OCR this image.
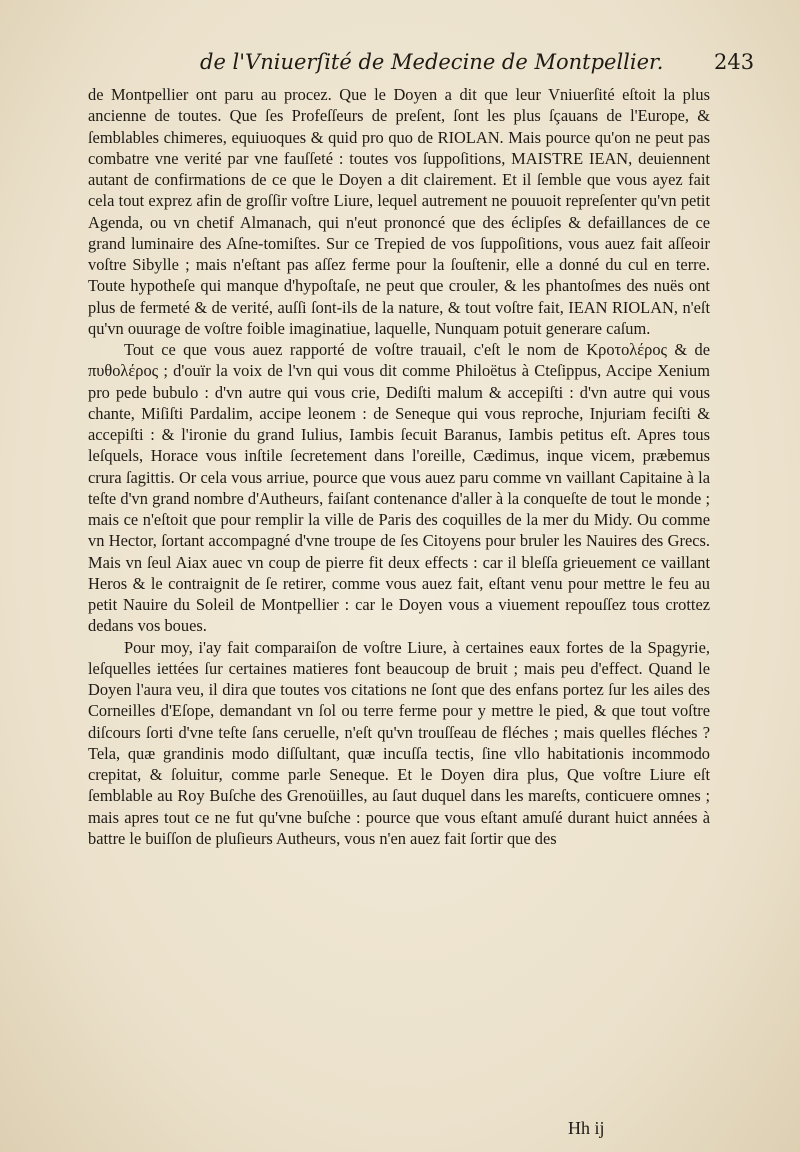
de l'Vniuerſité de Medecine de Montpellier. 243

de Montpellier ont paru au procez. Que le Doyen a dit que leur Vniuerſité eſtoit la plus ancienne de toutes. Que ſes Profeſſeurs de preſent, ſont les plus ſçauans de l'Europe, & ſemblables chimeres, equiuoques & quid pro quo de RIOLAN. Mais pource qu'on ne peut pas combatre vne verité par vne fauſſeté : toutes vos ſuppoſitions, MAISTRE IEAN, deuiennent autant de confirmations de ce que le Doyen a dit clairement. Et il ſemble que vous ayez fait cela tout exprez afin de groſſir voſtre Liure, lequel autrement ne pouuoit repreſenter qu'vn petit Agenda, ou vn chetif Almanach, qui n'eut prononcé que des éclipſes & defaillances de ce grand luminaire des Aſne-tomiſtes. Sur ce Trepied de vos ſuppoſitions, vous auez fait aſſeoir voſtre Sibylle ; mais n'eſtant pas aſſez ferme pour la ſouſtenir, elle a donné du cul en terre. Toute hypotheſe qui manque d'hypoſtaſe, ne peut que crouler, & les phantoſmes des nuës ont plus de fermeté & de verité, auſſi ſont-ils de la nature, & tout voſtre fait, IEAN RIOLAN, n'eſt qu'vn ouurage de voſtre foible imaginatiue, laquelle, Nunquam potuit generare caſum.

Tout ce que vous auez rapporté de voſtre trauail, c'eſt le nom de Κροτολέρος & de πυθολέρος ; d'ouïr la voix de l'vn qui vous dit comme Philoëtus à Cteſippus, Accipe Xenium pro pede bubulo : d'vn autre qui vous crie, Dediſti malum & accepiſti : d'vn autre qui vous chante, Miſiſti Pardalim, accipe leonem : de Seneque qui vous reproche, Injuriam feciſti & accepiſti : & l'ironie du grand Iulius, Iambis ſecuit Baranus, Iambis petitus eſt. Apres tous leſquels, Horace vous inſtile ſecretement dans l'oreille, Cædimus, inque vicem, præbemus crura ſagittis. Or cela vous arriue, pource que vous auez paru comme vn vaillant Capitaine à la teſte d'vn grand nombre d'Autheurs, faiſant contenance d'aller à la conqueſte de tout le monde ; mais ce n'eſtoit que pour remplir la ville de Paris des coquilles de la mer du Midy. Ou comme vn Hector, ſortant accompagné d'vne troupe de ſes Citoyens pour bruler les Nauires des Grecs. Mais vn ſeul Aiax auec vn coup de pierre fit deux effects : car il bleſſa grieuement ce vaillant Heros & le contraignit de ſe retirer, comme vous auez fait, eſtant venu pour mettre le feu au petit Nauire du Soleil de Montpellier : car le Doyen vous a viuement repouſſez tous crottez dedans vos boues.

Pour moy, i'ay fait comparaiſon de voſtre Liure, à certaines eaux fortes de la Spagyrie, leſquelles iettées ſur certaines matieres font beaucoup de bruit ; mais peu d'effect. Quand le Doyen l'aura veu, il dira que toutes vos citations ne ſont que des enfans portez ſur les ailes des Corneilles d'Eſope, demandant vn ſol ou terre ferme pour y mettre le pied, & que tout voſtre diſcours ſorti d'vne teſte ſans ceruelle, n'eſt qu'vn trouſſeau de fléches ; mais quelles fléches ? Tela, quæ grandinis modo diſſultant, quæ incuſſa tectis, ſine vllo habitationis incommodo crepitat, & ſoluitur, comme parle Seneque. Et le Doyen dira plus, Que voſtre Liure eſt ſemblable au Roy Buſche des Grenoüilles, au ſaut duquel dans les mareſts, conticuere omnes ; mais apres tout ce ne fut qu'vne buſche : pource que vous eſtant amuſé durant huict années à battre le buiſſon de pluſieurs Autheurs, vous n'en auez fait ſortir que des

Hh ij
